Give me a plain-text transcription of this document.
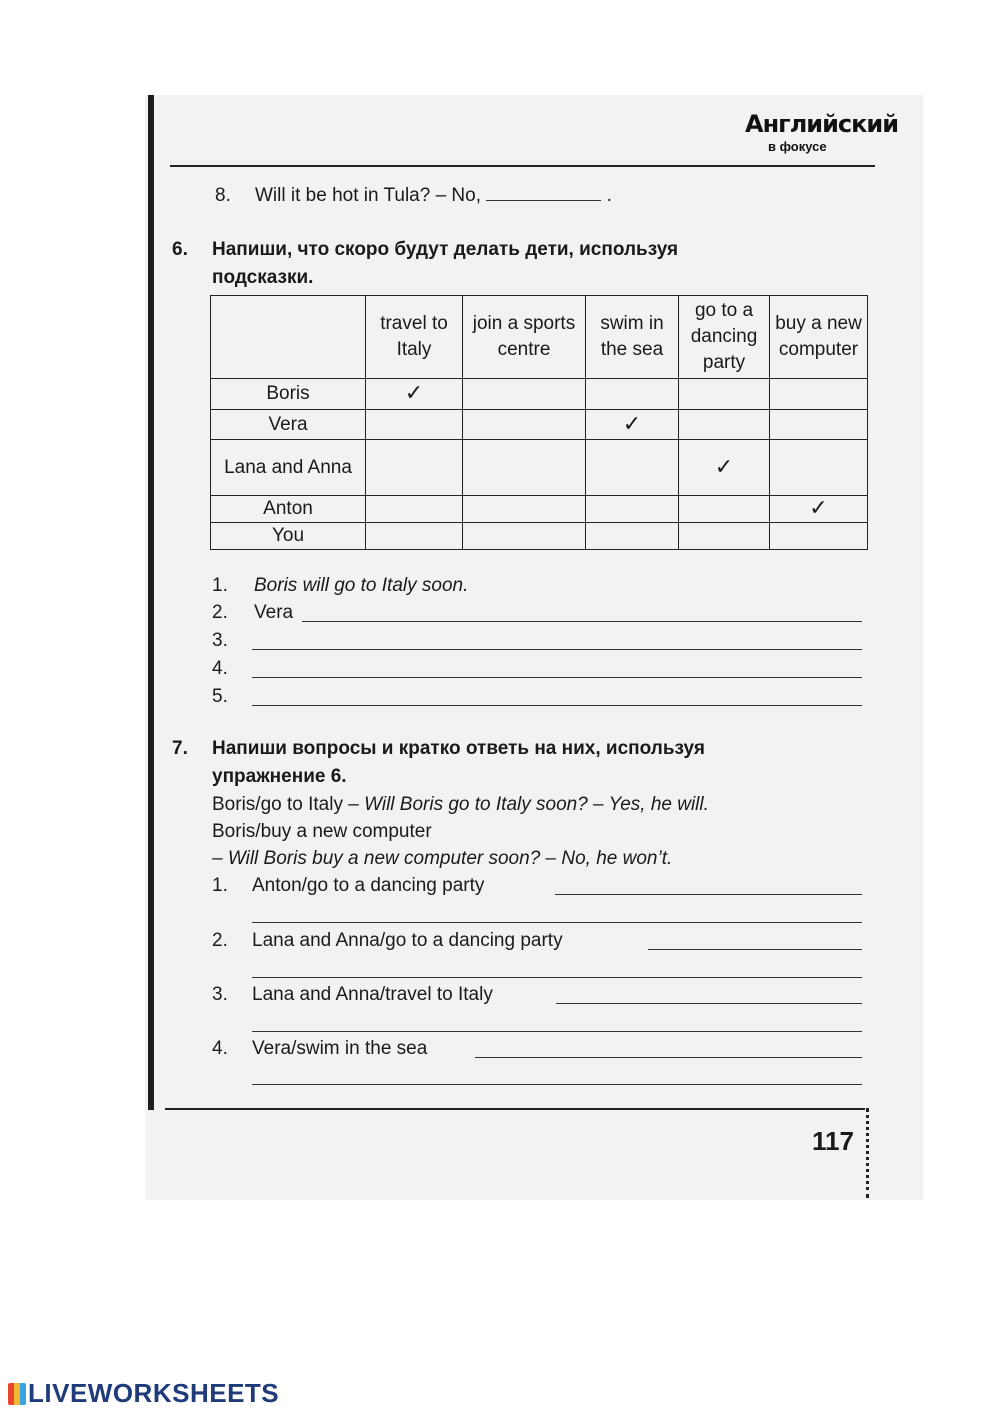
Английский
в фокусе
8. Will it be hot in Tula? – No,	.
6. Напиши, что скоро будут делать дети, используя
подсказки.
	travel to Italy	join a sports centre	swim in the sea	go to a dancing party	buy a new computer
Boris	✓				
Vera			✓		
Lana and Anna				✓	
Anton					✓
You					
1. Boris will go to Italy soon.
2. Vera
3.
4.
5.
7. Напиши вопросы и кратко ответь на них, используя
упражнение 6.
Boris/go to Italy – Will Boris go to Italy soon? – Yes, he will.
Boris/buy a new computer
– Will Boris buy a new computer soon? – No, he won’t.
1. Anton/go to a dancing party
2. Lana and Anna/go to a dancing party
3. Lana and Anna/travel to Italy
4. Vera/swim in the sea
117
LIVEWORKSHEETS
